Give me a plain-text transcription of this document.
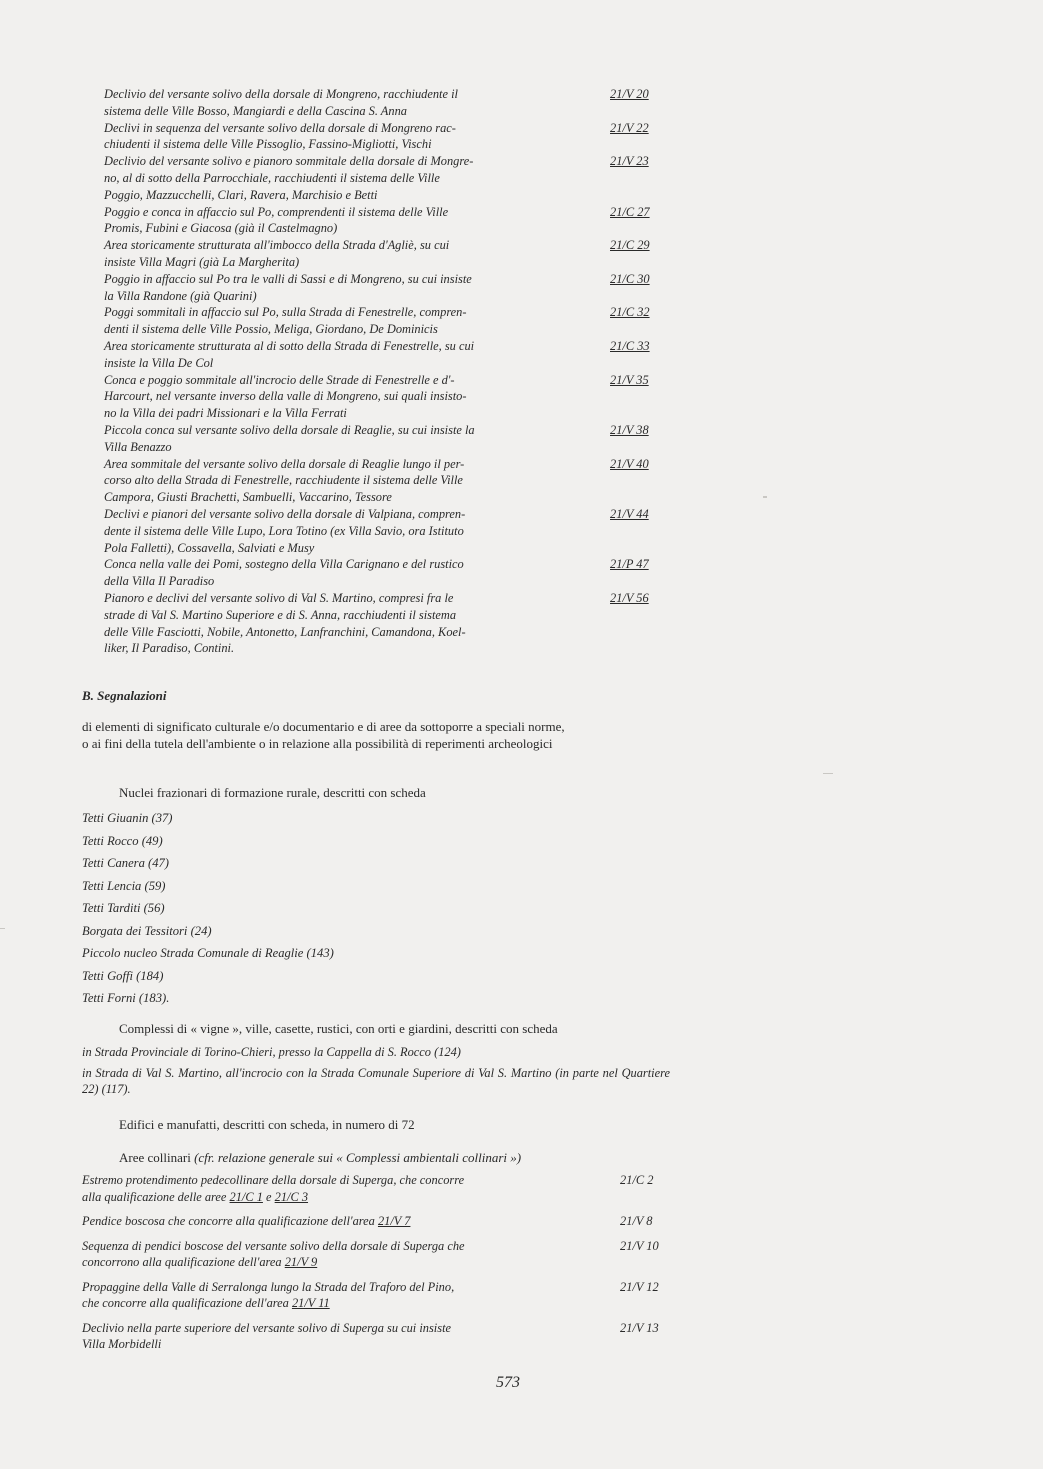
Declivio del versante solivo della dorsale di Mongreno, racchiudente il
sistema delle Ville Bosso, Mangiardi e della Cascina S. Anna
21/V 20
Declivi in sequenza del versante solivo della dorsale di Mongreno rac-
chiudenti il sistema delle Ville Pissoglio, Fassino-Migliotti, Vischi
21/V 22
Declivio del versante solivo e pianoro sommitale della dorsale di Mongre-
no, al di sotto della Parrocchiale, racchiudenti il sistema delle Ville
Poggio, Mazzucchelli, Clari, Ravera, Marchisio e Betti
21/V 23
Poggio e conca in affaccio sul Po, comprendenti il sistema delle Ville
Promis, Fubini e Giacosa (già il Castelmagno)
21/C 27
Area storicamente strutturata all'imbocco della Strada d'Agliè, su cui
insiste Villa Magri (già La Margherita)
21/C 29
Poggio in affaccio sul Po tra le valli di Sassi e di Mongreno, su cui insiste
la Villa Randone (già Quarini)
21/C 30
Poggi sommitali in affaccio sul Po, sulla Strada di Fenestrelle, compren-
denti il sistema delle Ville Possio, Meliga, Giordano, De Dominicis
21/C 32
Area storicamente strutturata al di sotto della Strada di Fenestrelle, su cui
insiste la Villa De Col
21/C 33
Conca e poggio sommitale all'incrocio delle Strade di Fenestrelle e d'-
Harcourt, nel versante inverso della valle di Mongreno, sui quali insisto-
no la Villa dei padri Missionari e la Villa Ferrati
21/V 35
Piccola conca sul versante solivo della dorsale di Reaglie, su cui insiste la
Villa Benazzo
21/V 38
Area sommitale del versante solivo della dorsale di Reaglie lungo il per-
corso alto della Strada di Fenestrelle, racchiudente il sistema delle Ville
Campora, Giusti Brachetti, Sambuelli, Vaccarino, Tessore
21/V 40
Declivi e pianori del versante solivo della dorsale di Valpiana, compren-
dente il sistema delle Ville Lupo, Lora Totino (ex Villa Savio, ora Istituto
Pola Falletti), Cossavella, Salviati e Musy
21/V 44
Conca nella valle dei Pomi, sostegno della Villa Carignano e del rustico
della Villa Il Paradiso
21/P 47
Pianoro e declivi del versante solivo di Val S. Martino, compresi fra le
strade di Val S. Martino Superiore e di S. Anna, racchiudenti il sistema
delle Ville Fasciotti, Nobile, Antonetto, Lanfranchini, Camandona, Koel-
liker, Il Paradiso, Contini.
21/V 56
B. Segnalazioni
di elementi di significato culturale e/o documentario e di aree da sottoporre a speciali norme,
o ai fini della tutela dell'ambiente o in relazione alla possibilità di reperimenti archeologici
Nuclei frazionari di formazione rurale, descritti con scheda
Tetti Giuanin (37)
Tetti Rocco (49)
Tetti Canera (47)
Tetti Lencia (59)
Tetti Tarditi (56)
Borgata dei Tessitori (24)
Piccolo nucleo Strada Comunale di Reaglie (143)
Tetti Goffi (184)
Tetti Forni (183).
Complessi di « vigne », ville, casette, rustici, con orti e giardini, descritti con scheda
in Strada Provinciale di Torino-Chieri, presso la Cappella di S. Rocco (124)
in Strada di Val S. Martino, all'incrocio con la Strada Comunale Superiore di Val S. Martino (in parte nel Quartiere 22) (117).
Edifici e manufatti, descritti con scheda, in numero di 72
Aree collinari (cfr. relazione generale sui « Complessi ambientali collinari »)
Estremo protendimento pedecollinare della dorsale di Superga, che concorre
alla qualificazione delle aree 21/C 1 e 21/C 3
21/C 2
Pendice boscosa che concorre alla qualificazione dell'area 21/V 7	21/V 8
Sequenza di pendici boscose del versante solivo della dorsale di Superga che
concorrono alla qualificazione dell'area 21/V 9
21/V 10
Propaggine della Valle di Serralonga lungo la Strada del Traforo del Pino,
che concorre alla qualificazione dell'area 21/V 11
21/V 12
Declivio nella parte superiore del versante solivo di Superga su cui insiste
Villa Morbidelli
21/V 13
573
